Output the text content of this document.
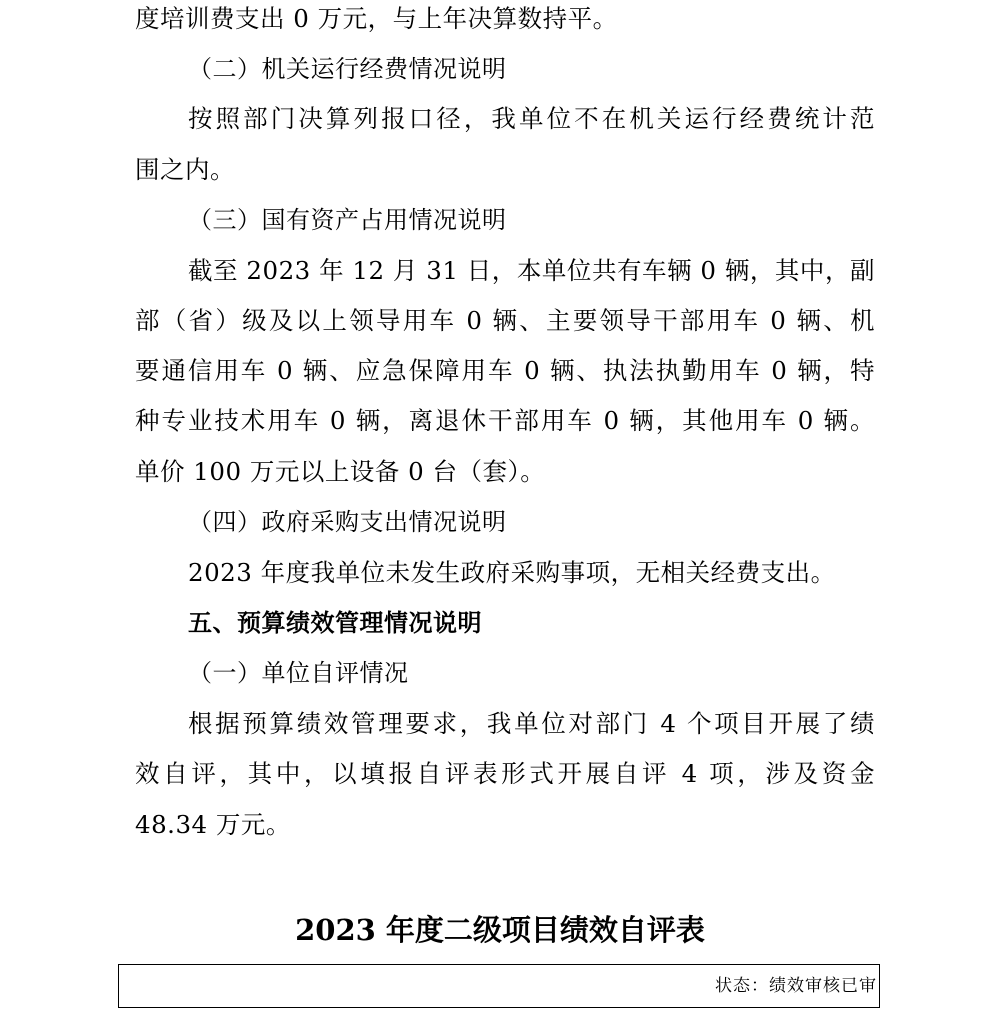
度培训费支出 0 万元，与上年决算数持平。
（二）机关运行经费情况说明
按照部门决算列报口径，我单位不在机关运行经费统计范
围之内。
（三）国有资产占用情况说明
截至 2023 年 12 月 31 日，本单位共有车辆 0 辆，其中，副
部（省）级及以上领导用车 0 辆、主要领导干部用车 0 辆、机
要通信用车 0 辆、应急保障用车 0 辆、执法执勤用车 0 辆，特
种专业技术用车 0 辆，离退休干部用车 0 辆，其他用车 0 辆。
单价 100 万元以上设备 0 台（套）。
（四）政府采购支出情况说明
2023 年度我单位未发生政府采购事项，无相关经费支出。
五、预算绩效管理情况说明
（一）单位自评情况
根据预算绩效管理要求，我单位对部门 4 个项目开展了绩
效自评，其中，以填报自评表形式开展自评 4 项，涉及资金
48.34 万元。
2023 年度二级项目绩效自评表
状态：绩效审核已审
